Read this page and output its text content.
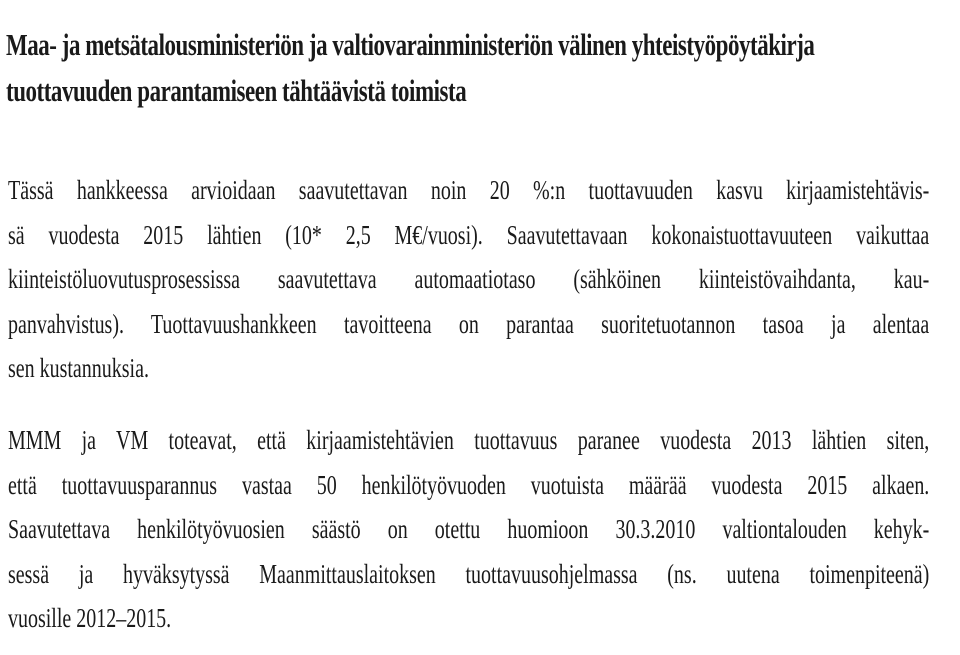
Maa- ja metsätalousministeriön ja valtiovarainministeriön välinen yhteistyöpöytäkirja
tuottavuuden parantamiseen tähtäävistä toimista
Tässä hankkeessa arvioidaan saavutettavan noin 20 %:n tuottavuuden kasvu kirjaamistehtävis-
sä vuodesta 2015 lähtien (10* 2,5 M€/vuosi). Saavutettavaan kokonaistuottavuuteen vaikuttaa
kiinteistöluovutusprosessissa saavutettava automaatiotaso (sähköinen kiinteistövaihdanta, kau-
panvahvistus). Tuottavuushankkeen tavoitteena on parantaa suoritetuotannon tasoa ja alentaa
sen kustannuksia.
MMM ja VM toteavat, että kirjaamistehtävien tuottavuus paranee vuodesta 2013 lähtien siten,
että tuottavuusparannus vastaa 50 henkilötyövuoden vuotuista määrää vuodesta 2015 alkaen.
Saavutettava henkilötyövuosien säästö on otettu huomioon 30.3.2010 valtiontalouden kehyk-
sessä ja hyväksytyssä Maanmittauslaitoksen tuottavuusohjelmassa (ns. uutena toimenpiteenä)
vuosille 2012–2015.
